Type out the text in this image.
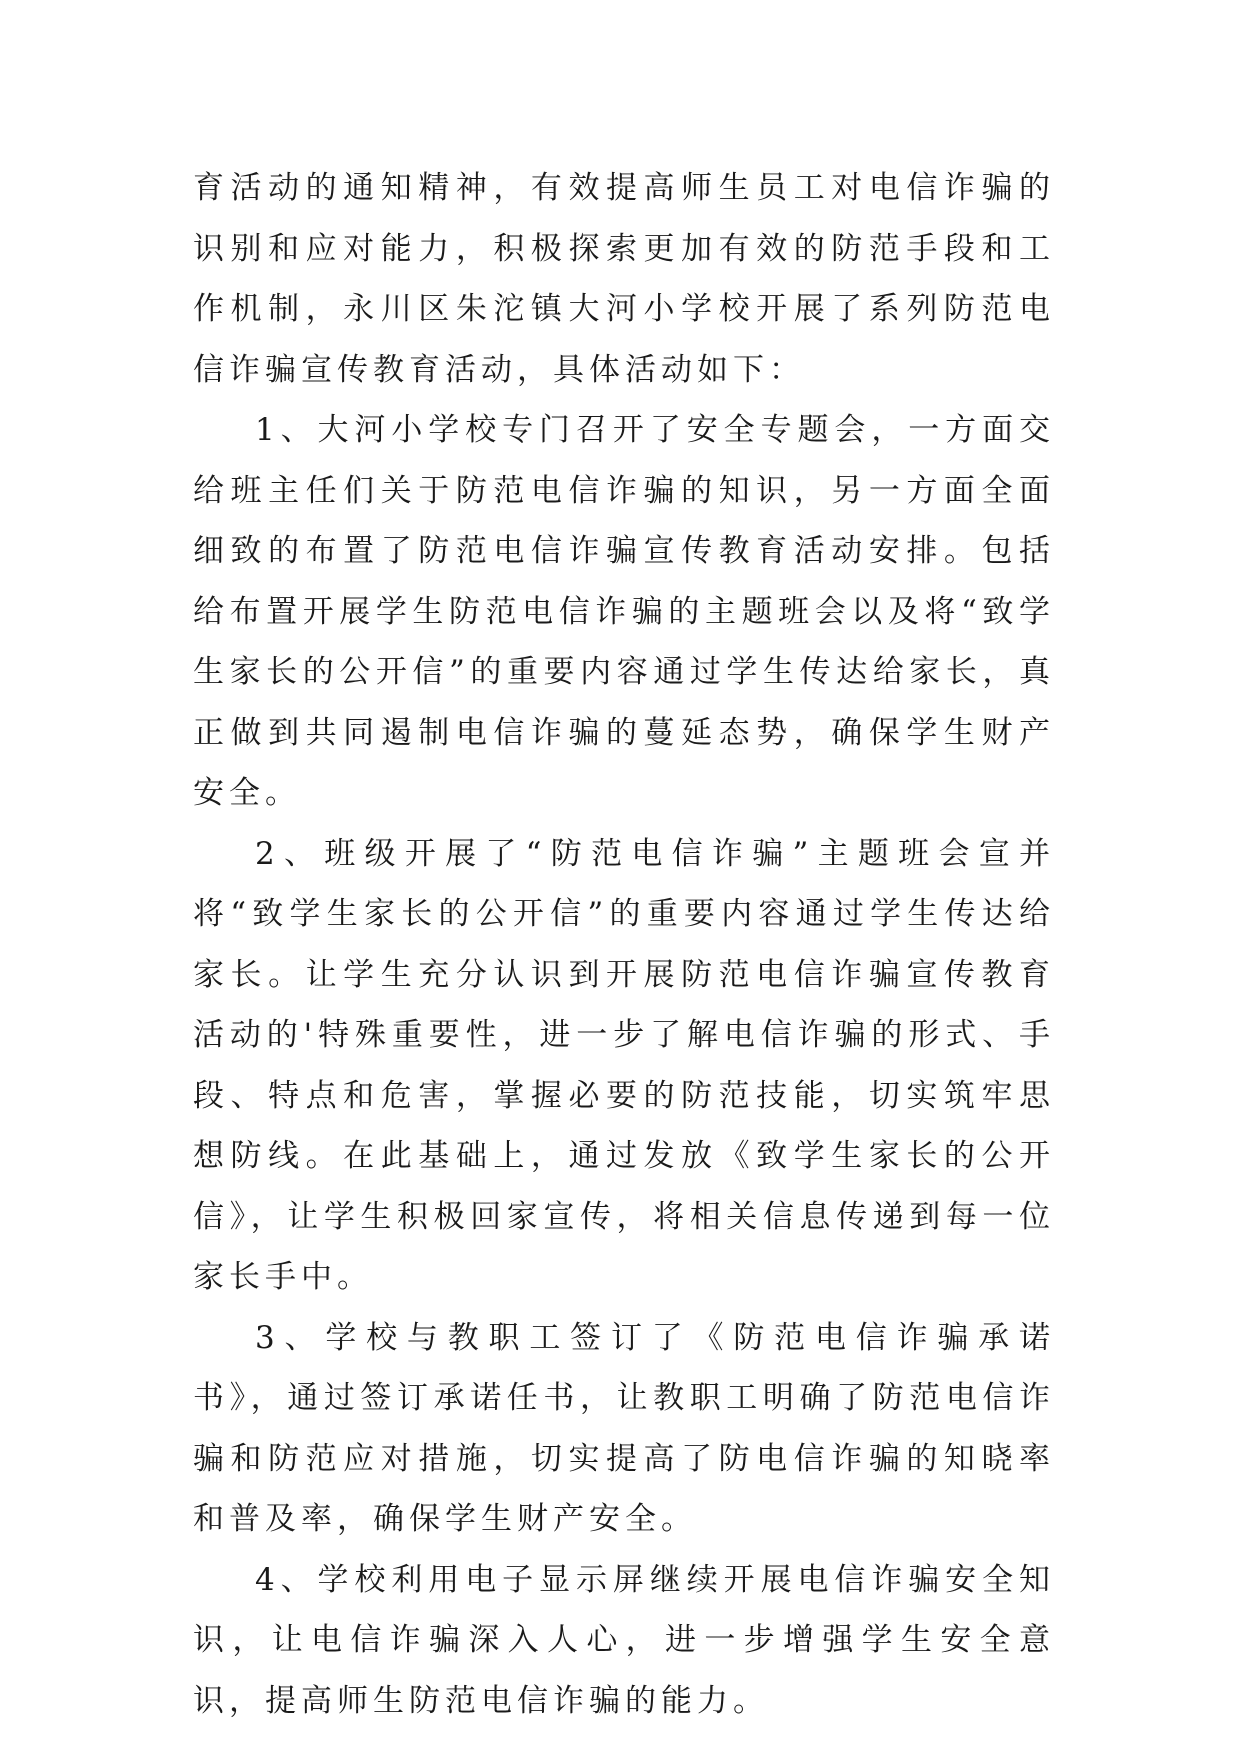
育活动的通知精神，有效提高师生员工对电信诈骗的识别和应对能力，积极探索更加有效的防范手段和工作机制，永川区朱沱镇大河小学校开展了系列防范电信诈骗宣传教育活动，具体活动如下：

1、大河小学校专门召开了安全专题会，一方面交给班主任们关于防范电信诈骗的知识，另一方面全面细致的布置了防范电信诈骗宣传教育活动安排。包括给布置开展学生防范电信诈骗的主题班会以及将“致学生家长的公开信”的重要内容通过学生传达给家长，真正做到共同遏制电信诈骗的蔓延态势，确保学生财产安全。

2、班级开展了“防范电信诈骗”主题班会宣并将“致学生家长的公开信”的重要内容通过学生传达给家长。让学生充分认识到开展防范电信诈骗宣传教育活动的'特殊重要性，进一步了解电信诈骗的形式、手段、特点和危害，掌握必要的防范技能，切实筑牢思想防线。在此基础上，通过发放《致学生家长的公开信》，让学生积极回家宣传，将相关信息传递到每一位家长手中。

3、学校与教职工签订了《防范电信诈骗承诺书》，通过签订承诺任书，让教职工明确了防范电信诈骗和防范应对措施，切实提高了防电信诈骗的知晓率和普及率，确保学生财产安全。

4、学校利用电子显示屏继续开展电信诈骗安全知识，让电信诈骗深入人心，进一步增强学生安全意识，提高师生防范电信诈骗的能力。
